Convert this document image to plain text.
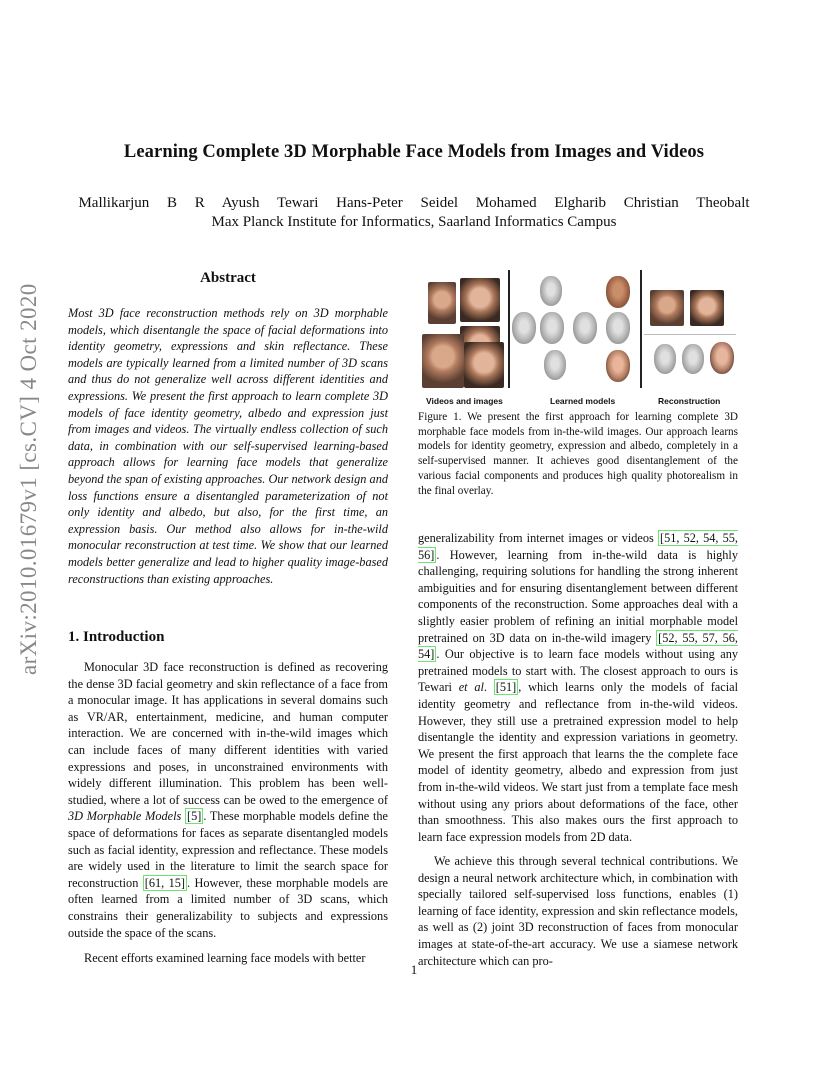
Learning Complete 3D Morphable Face Models from Images and Videos
Mallikarjun B R Ayush Tewari Hans-Peter Seidel Mohamed Elgharib Christian Theobalt
Max Planck Institute for Informatics, Saarland Informatics Campus
arXiv:2010.01679v1 [cs.CV] 4 Oct 2020
Abstract
Most 3D face reconstruction methods rely on 3D morphable models, which disentangle the space of facial deformations into identity geometry, expressions and skin reflectance. These models are typically learned from a limited number of 3D scans and thus do not generalize well across different identities and expressions. We present the first approach to learn complete 3D models of face identity geometry, albedo and expression just from images and videos. The virtually endless collection of such data, in combination with our self-supervised learning-based approach allows for learning face models that generalize beyond the span of existing approaches. Our network design and loss functions ensure a disentangled parameterization of not only identity and albedo, but also, for the first time, an expression basis. Our method also allows for in-the-wild monocular reconstruction at test time. We show that our learned models better generalize and lead to higher quality image-based reconstructions than existing approaches.
1. Introduction
Monocular 3D face reconstruction is defined as recovering the dense 3D facial geometry and skin reflectance of a face from a monocular image. It has applications in several domains such as VR/AR, entertainment, medicine, and human computer interaction. We are concerned with in-the-wild images which can include faces of many different identities with varied expressions and poses, in unconstrained environments with widely different illumination. This problem has been well-studied, where a lot of success can be owed to the emergence of 3D Morphable Models [5] . These morphable models define the space of deformations for faces as separate disentangled models such as facial identity, expression and reflectance. These models are widely used in the literature to limit the search space for reconstruction [61, 15] . However, these morphable models are often learned from a limited number of 3D scans, which constrains their generalizability to subjects and expressions outside the space of the scans.
Recent efforts examined learning face models with better
Videos and images	Learned models	Reconstruction
Figure 1. We present the first approach for learning complete 3D morphable face models from in-the-wild images. Our approach learns models for identity geometry, expression and albedo, completely in a self-supervised manner. It achieves good disentanglement of the various facial components and produces high quality photorealism in the final overlay.
generalizability from internet images or videos [51, 52, 54, 55, 56] . However, learning from in-the-wild data is highly challenging, requiring solutions for handling the strong inherent ambiguities and for ensuring disentanglement between different components of the reconstruction. Some approaches deal with a slightly easier problem of refining an initial morphable model pretrained on 3D data on in-the-wild imagery [52, 55, 57, 56, 54] . Our objective is to learn face models without using any pretrained models to start with. The closest approach to ours is Tewari et al. [51] , which learns only the models of facial identity geometry and reflectance from in-the-wild videos. However, they still use a pretrained expression model to help disentangle the identity and expression variations in geometry. We present the first approach that learns the the complete face model of identity geometry, albedo and expression from just from in-the-wild videos. We start just from a template face mesh without using any priors about deformations of the face, other than smoothness. This also makes ours the first approach to learn face expression models from 2D data.
We achieve this through several technical contributions. We design a neural network architecture which, in combination with specially tailored self-supervised loss functions, enables (1) learning of face identity, expression and skin reflectance models, as well as (2) joint 3D reconstruction of faces from monocular images at state-of-the-art accuracy. We use a siamese network architecture which can pro-
1
